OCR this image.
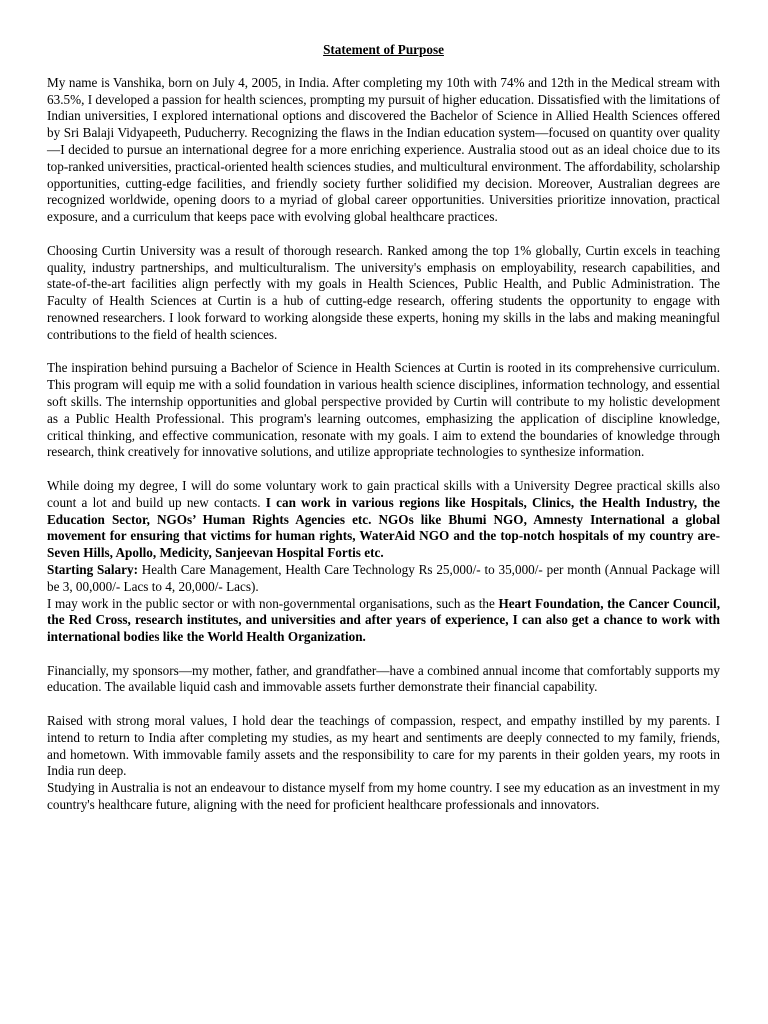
Statement of Purpose

My name is Vanshika, born on July 4, 2005, in India. After completing my 10th with 74% and 12th in the Medical stream with 63.5%, I developed a passion for health sciences, prompting my pursuit of higher education. Dissatisfied with the limitations of Indian universities, I explored international options and discovered the Bachelor of Science in Allied Health Sciences offered by Sri Balaji Vidyapeeth, Puducherry. Recognizing the flaws in the Indian education system—focused on quantity over quality—I decided to pursue an international degree for a more enriching experience. Australia stood out as an ideal choice due to its top-ranked universities, practical-oriented health sciences studies, and multicultural environment. The affordability, scholarship opportunities, cutting-edge facilities, and friendly society further solidified my decision. Moreover, Australian degrees are recognized worldwide, opening doors to a myriad of global career opportunities. Universities prioritize innovation, practical exposure, and a curriculum that keeps pace with evolving global healthcare practices.

Choosing Curtin University was a result of thorough research. Ranked among the top 1% globally, Curtin excels in teaching quality, industry partnerships, and multiculturalism. The university's emphasis on employability, research capabilities, and state-of-the-art facilities align perfectly with my goals in Health Sciences, Public Health, and Public Administration. The Faculty of Health Sciences at Curtin is a hub of cutting-edge research, offering students the opportunity to engage with renowned researchers. I look forward to working alongside these experts, honing my skills in the labs and making meaningful contributions to the field of health sciences.

The inspiration behind pursuing a Bachelor of Science in Health Sciences at Curtin is rooted in its comprehensive curriculum. This program will equip me with a solid foundation in various health science disciplines, information technology, and essential soft skills. The internship opportunities and global perspective provided by Curtin will contribute to my holistic development as a Public Health Professional. This program's learning outcomes, emphasizing the application of discipline knowledge, critical thinking, and effective communication, resonate with my goals. I aim to extend the boundaries of knowledge through research, think creatively for innovative solutions, and utilize appropriate technologies to synthesize information.

While doing my degree, I will do some voluntary work to gain practical skills with a University Degree practical skills also count a lot and build up new contacts. I can work in various regions like Hospitals, Clinics, the Health Industry, the Education Sector, NGOs’ Human Rights Agencies etc. NGOs like Bhumi NGO, Amnesty International a global movement for ensuring that victims for human rights, WaterAid NGO and the top-notch hospitals of my country are- Seven Hills, Apollo, Medicity, Sanjeevan Hospital Fortis etc.

Starting Salary: Health Care Management, Health Care Technology Rs 25,000/- to 35,000/- per month (Annual Package will be 3, 00,000/- Lacs to 4, 20,000/- Lacs).

I may work in the public sector or with non-governmental organisations, such as the Heart Foundation, the Cancer Council, the Red Cross, research institutes, and universities and after years of experience, I can also get a chance to work with international bodies like the World Health Organization.

Financially, my sponsors—my mother, father, and grandfather—have a combined annual income that comfortably supports my education. The available liquid cash and immovable assets further demonstrate their financial capability.

Raised with strong moral values, I hold dear the teachings of compassion, respect, and empathy instilled by my parents. I intend to return to India after completing my studies, as my heart and sentiments are deeply connected to my family, friends, and hometown. With immovable family assets and the responsibility to care for my parents in their golden years, my roots in India run deep.

Studying in Australia is not an endeavour to distance myself from my home country. I see my education as an investment in my country's healthcare future, aligning with the need for proficient healthcare professionals and innovators.
